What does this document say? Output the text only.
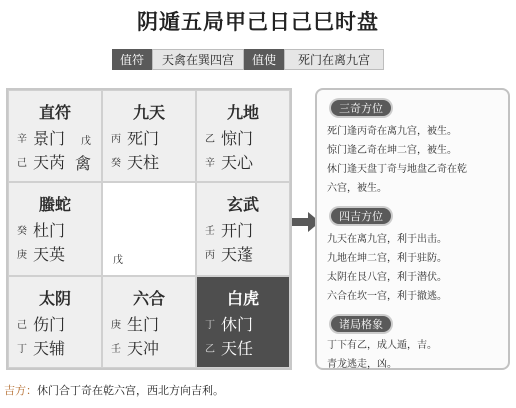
阴遁五局甲己日己巳时盘
值符	天禽在巽四宫	值使	死门在离九宫
直符
辛 景门 戊
己 天芮 禽
九天
丙 死门
癸 天柱
九地
乙 惊门
辛 天心
螣蛇
癸 杜门
庚 天英	戊
玄武
壬 开门
丙 天蓬
太阴
己 伤门
丁 天辅
六合
庚 生门
壬 天冲
白虎
丁 休门
乙 天任
三奇方位
死门逢丙奇在离九宫，被生。
惊门逢乙奇在坤二宫，被生。
休门逢天盘丁奇与地盘乙奇在乾
六宫，被生。
四吉方位
九天在离九宫，利于出击。
九地在坤二宫，利于驻防。
太阴在艮八宫，利于潜伏。
六合在坎一宫，利于撤逃。
诸局格象
丁下有乙，成人遁，吉。
青龙逃走，凶。
吉方：休门合丁奇在乾六宫，西北方向吉利。
